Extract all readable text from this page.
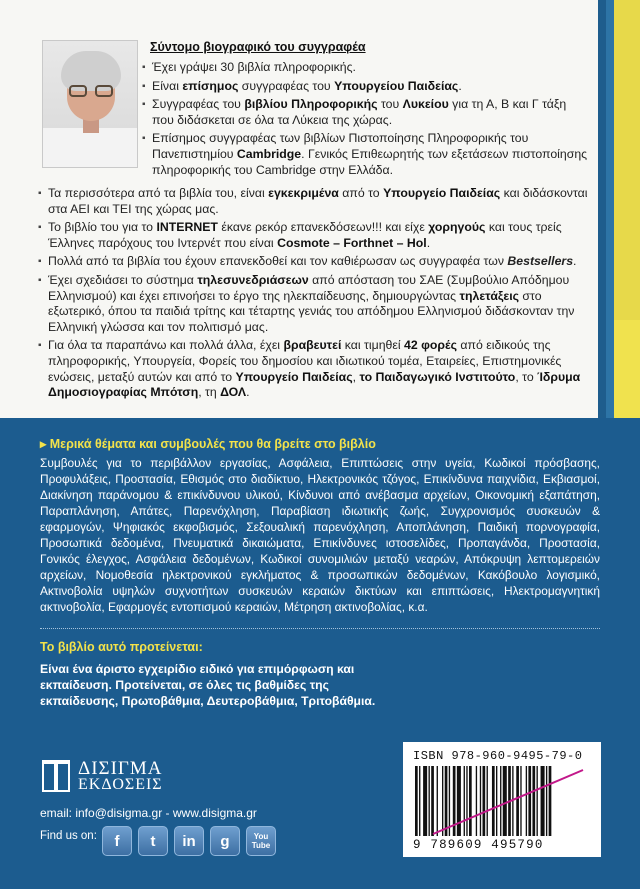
Σύντομο βιογραφικό του συγγραφέα
▪ Έχει γράψει 30 βιβλία πληροφορικής.
▪ Είναι επίσημος συγγραφέας του Υπουργείου Παιδείας.
▪ Συγγραφέας του βιβλίου Πληροφορικής του Λυκείου για τη Α, Β και Γ τάξη που διδάσκεται σε όλα τα Λύκεια της χώρας.
▪ Επίσημος συγγραφέας των βιβλίων Πιστοποίησης Πληροφορικής του Πανεπιστημίου Cambridge. Γενικός Επιθεωρητής των εξετάσεων πιστοποίησης πληροφορικής του Cambridge στην Ελλάδα.
▪ Τα περισσότερα από τα βιβλία του, είναι εγκεκριμένα από το Υπουργείο Παιδείας και διδάσκονται στα ΑΕΙ και ΤΕΙ της χώρας μας.
▪ Το βιβλίο του για το INTERNET έκανε ρεκόρ επανεκδόσεων!!! και είχε χορηγούς και τους τρείς Έλληνες παρόχους του Ιντερνέτ που είναι Cosmote – Forthnet – Hol.
▪ Πολλά από τα βιβλία του έχουν επανεκδοθεί και τον καθιέρωσαν ως συγγραφέα των Bestsellers.
▪ Έχει σχεδιάσει το σύστημα τηλεσυνεδριάσεων από απόσταση του ΣΑΕ (Συμβούλιο Απόδημου Ελληνισμού) και έχει επινοήσει το έργο της ηλεκπαίδευσης, δημιουργώντας τηλετάξεις στο εξωτερικό, όπου τα παιδιά τρίτης και τέταρτης γενιάς του απόδημου Ελληνισμού διδάσκονταν την Ελληνική γλώσσα και τον πολιτισμό μας.
▪ Για όλα τα παραπάνω και πολλά άλλα, έχει βραβευτεί και τιμηθεί 42 φορές από ειδικούς της πληροφορικής, Υπουργεία, Φορείς του δημοσίου και ιδιωτικού τομέα, Εταιρείες, Επιστημονικές ενώσεις, μεταξύ αυτών και από το Υπουργείο Παιδείας, το Παιδαγωγικό Ινστιτούτο, το Ίδρυμα Δημοσιογραφίας Μπότση, τη ΔΟΛ.
▸ Μερικά θέματα και συμβουλές που θα βρείτε στο βιβλίο
Συμβουλές για το περιβάλλον εργασίας, Ασφάλεια, Επιπτώσεις στην υγεία, Κωδικοί πρόσβασης, Προφυλάξεις, Προστασία, Εθισμός στο διαδίκτυο, Ηλεκτρονικός τζόγος, Επικίνδυνα παιχνίδια, Εκβιασμοί, Διακίνηση παράνομου & επικίνδυνου υλικού, Κίνδυνοι από ανέβασμα αρχείων, Οικονομική εξαπάτηση, Παραπλάνηση, Απάτες, Παρενόχληση, Παραβίαση ιδιωτικής ζωής, Συγχρονισμός συσκευών & εφαρμογών, Ψηφιακός εκφοβισμός, Σεξουαλική παρενόχληση, Αποπλάνηση, Παιδική πορνογραφία, Προσωπικά δεδομένα, Πνευματικά δικαιώματα, Επικίνδυνες ιστοσελίδες, Προπαγάνδα, Προστασία, Γονικός έλεγχος, Ασφάλεια δεδομένων, Κωδικοί συνομιλιών μεταξύ νεαρών, Απόκρυψη λεπτομερειών αρχείων, Νομοθεσία ηλεκτρονικού εγκλήματος & προσωπικών δεδομένων, Κακόβουλο λογισμικό, Ακτινοβολία υψηλών συχνοτήτων συσκευών κεραιών δικτύων και επιπτώσεις, Ηλεκτρομαγνητική ακτινοβολία, Εφαρμογές εντοπισμού κεραιών, Μέτρηση ακτινοβολίας, κ.α.
Το βιβλίο αυτό προτείνεται:
Είναι ένα άριστο εγχειρίδιο ειδικό για επιμόρφωση και εκπαίδευση. Προτείνεται, σε όλες τις βαθμίδες της εκπαίδευσης, Πρωτοβάθμια, Δευτεροβάθμια, Τριτοβάθμια.
ΔΙΣΙΓΜΑ
ΕΚΔΟΣΕΙΣ
email: info@disigma.gr - www.disigma.gr
Find us on:	f	t	in	g	You Tube
ISBN 978-960-9495-79-0
9 789609 495790
